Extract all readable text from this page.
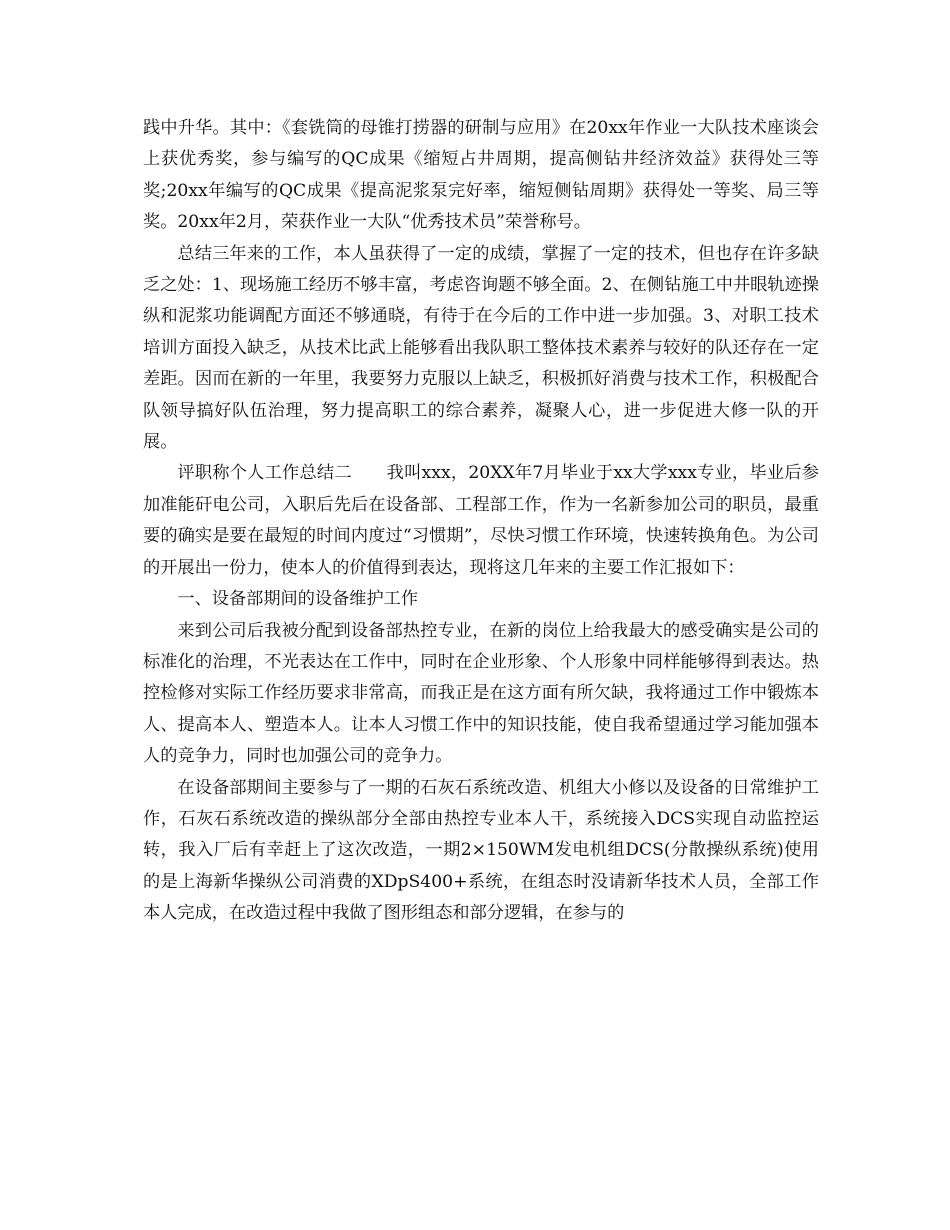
践中升华。其中：《套铣筒的母锥打捞器的研制与应用》在20xx年作业一大队技术座谈会上获优秀奖，参与编写的QC成果《缩短占井周期，提高侧钻井经济效益》获得处三等奖;20xx年编写的QC成果《提高泥浆泵完好率，缩短侧钻周期》获得处一等奖、局三等奖。20xx年2月，荣获作业一大队“优秀技术员”荣誉称号。

总结三年来的工作，本人虽获得了一定的成绩，掌握了一定的技术，但也存在许多缺乏之处：1、现场施工经历不够丰富，考虑咨询题不够全面。2、在侧钻施工中井眼轨迹操纵和泥浆功能调配方面还不够通晓，有待于在今后的工作中进一步加强。3、对职工技术培训方面投入缺乏，从技术比武上能够看出我队职工整体技术素养与较好的队还存在一定差距。因而在新的一年里，我要努力克服以上缺乏，积极抓好消费与技术工作，积极配合队领导搞好队伍治理，努力提高职工的综合素养，凝聚人心，进一步促进大修一队的开展。

评职称个人工作总结二　　我叫xxx，20XX年7月毕业于xx大学xxx专业，毕业后参加准能矸电公司，入职后先后在设备部、工程部工作，作为一名新参加公司的职员，最重要的确实是要在最短的时间内度过“习惯期”，尽快习惯工作环境，快速转换角色。为公司的开展出一份力，使本人的价值得到表达，现将这几年来的主要工作汇报如下：

一、设备部期间的设备维护工作

来到公司后我被分配到设备部热控专业，在新的岗位上给我最大的感受确实是公司的标准化的治理，不光表达在工作中，同时在企业形象、个人形象中同样能够得到表达。热控检修对实际工作经历要求非常高，而我正是在这方面有所欠缺，我将通过工作中锻炼本人、提高本人、塑造本人。让本人习惯工作中的知识技能，使自我希望通过学习能加强本人的竞争力，同时也加强公司的竞争力。

在设备部期间主要参与了一期的石灰石系统改造、机组大小修以及设备的日常维护工作，石灰石系统改造的操纵部分全部由热控专业本人干，系统接入DCS实现自动监控运转，我入厂后有幸赶上了这次改造，一期2×150WM发电机组DCS(分散操纵系统)使用的是上海新华操纵公司消费的XDpS400+系统，在组态时没请新华技术人员，全部工作本人完成，在改造过程中我做了图形组态和部分逻辑，在参与的
